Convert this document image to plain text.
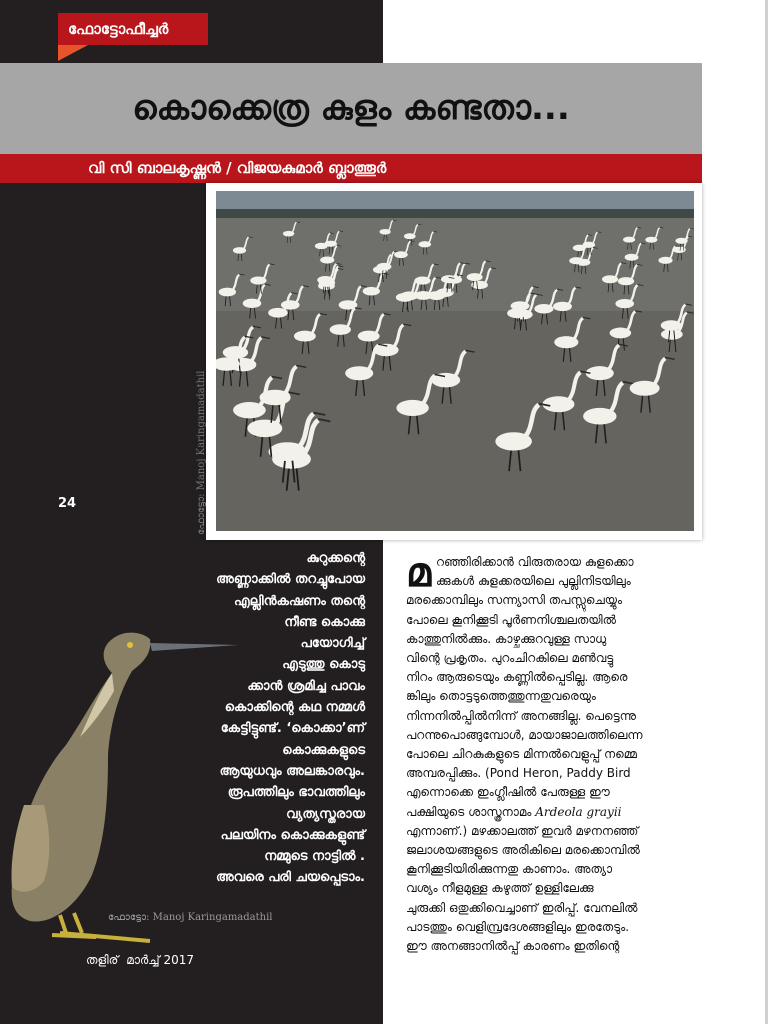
ഫോട്ടോഫീച്ചർ
കൊക്കെത്ര കുളം കണ്ടതാ...
വി സി ബാലകൃഷ്ണൻ / വിജയകുമാർ ബ്ലാത്തൂർ
ഫോട്ടോ: Manoj Karingamadathil
24
കുറുക്കന്റെ
അണ്ണാക്കിൽ തറച്ചുപോയ
എല്ലിൻകഷണം തന്റെ
നീണ്ട കൊക്കു
പയോഗിച്ച്
എടുത്തു കൊടു
ക്കാൻ ശ്രമിച്ച പാവം
കൊക്കിന്റെ കഥ നമ്മൾ
കേട്ടിട്ടുണ്ട്. ‘കൊക്കാ’ണ്
കൊക്കുകളുടെ
ആയുധവും അലങ്കാരവും.
രൂപത്തിലും ഭാവത്തിലും
വ്യത്യസ്തരായ
പലയിനം കൊക്കുകളുണ്ട്
നമ്മുടെ നാട്ടിൽ .
അവരെ പരി ചയപ്പെടാം.
ഫോട്ടോ: Manoj Karingamadathil
തളിര് മാർച്ച് 2017
മ റഞ്ഞിരിക്കാൻ വിരുതരായ കുളക്കൊ
ക്കുകൾ കുളക്കരയിലെ പുല്ലിനിടയിലും
മരക്കൊമ്പിലും സന്ന്യാസി തപസ്സുചെയ്യും
പോലെ കൂനിക്കൂടി പൂർണനിശ്ചലതയിൽ
കാത്തുനിൽക്കും. കാഴ്ചക്കുറവുള്ള സാധു
വിന്റെ പ്രകൃതം. പുറംചിറകിലെ മൺവട്ടു
നിറം ആരുടെയും കണ്ണിൽപ്പെടില്ല. ആരെ
ങ്കിലും തൊട്ടടുത്തെത്തുന്നതുവരെയും
നിന്നനിൽപ്പിൽനിന്ന് അനങ്ങില്ല. പെട്ടെന്നു
പറന്നുപൊങ്ങുമ്പോൾ, മായാജാലത്തിലെന്ന
പോലെ ചിറകുകളുടെ മിന്നൽവെളുപ്പ് നമ്മെ
അമ്പരപ്പിക്കും. (Pond Heron, Paddy Bird
എന്നൊക്കെ ഇംഗ്ലീഷിൽ പേരുള്ള ഈ
പക്ഷിയുടെ ശാസ്ത്രനാമം Ardeola grayii
എന്നാണ്.) മഴക്കാലത്ത് ഇവർ മഴനനഞ്ഞ്
ജലാശയങ്ങളുടെ അരികിലെ മരക്കൊമ്പിൽ
കൂനിക്കൂടിയിരിക്കുന്നതു കാണാം. അത്യാ
വശ്യം നീളമുള്ള കഴുത്ത് ഉള്ളിലേക്കു
ചുരുക്കി ഒതുക്കിവെച്ചാണ് ഇരിപ്പ്. വേനലിൽ
പാടത്തും വെളിമ്പ്രദേശങ്ങളിലും ഇരതേടും.
ഈ അനങ്ങാനിൽപ്പ് കാരണം ഇതിന്റെ
